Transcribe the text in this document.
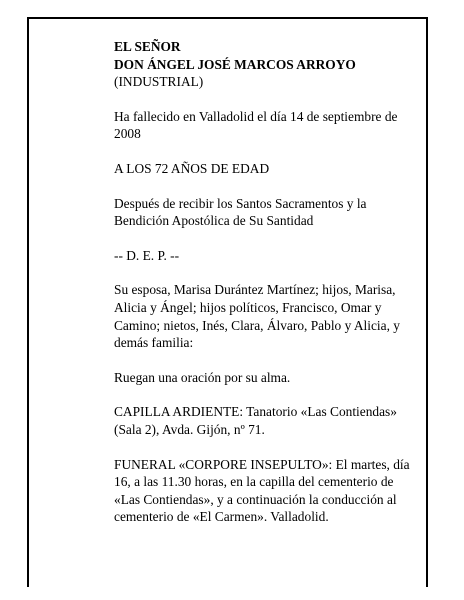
EL SEÑOR
DON ÁNGEL JOSÉ MARCOS ARROYO
(INDUSTRIAL)

Ha fallecido en Valladolid el día 14 de septiembre de 2008

A LOS 72 AÑOS DE EDAD

Después de recibir los Santos Sacramentos y la Bendición Apostólica de Su Santidad

-- D. E. P. --

Su esposa, Marisa Durántez Martínez; hijos, Marisa, Alicia y Ángel; hijos políticos, Francisco, Omar y Camino; nietos, Inés, Clara, Álvaro, Pablo y Alicia, y demás familia:

Ruegan una oración por su alma.

CAPILLA ARDIENTE: Tanatorio «Las Contiendas» (Sala 2), Avda. Gijón, nº 71.

FUNERAL «CORPORE INSEPULTO»: El martes, día 16, a las 11.30 horas, en la capilla del cementerio de «Las Contiendas», y a continuación la conducción al cementerio de «El Carmen». Valladolid.
